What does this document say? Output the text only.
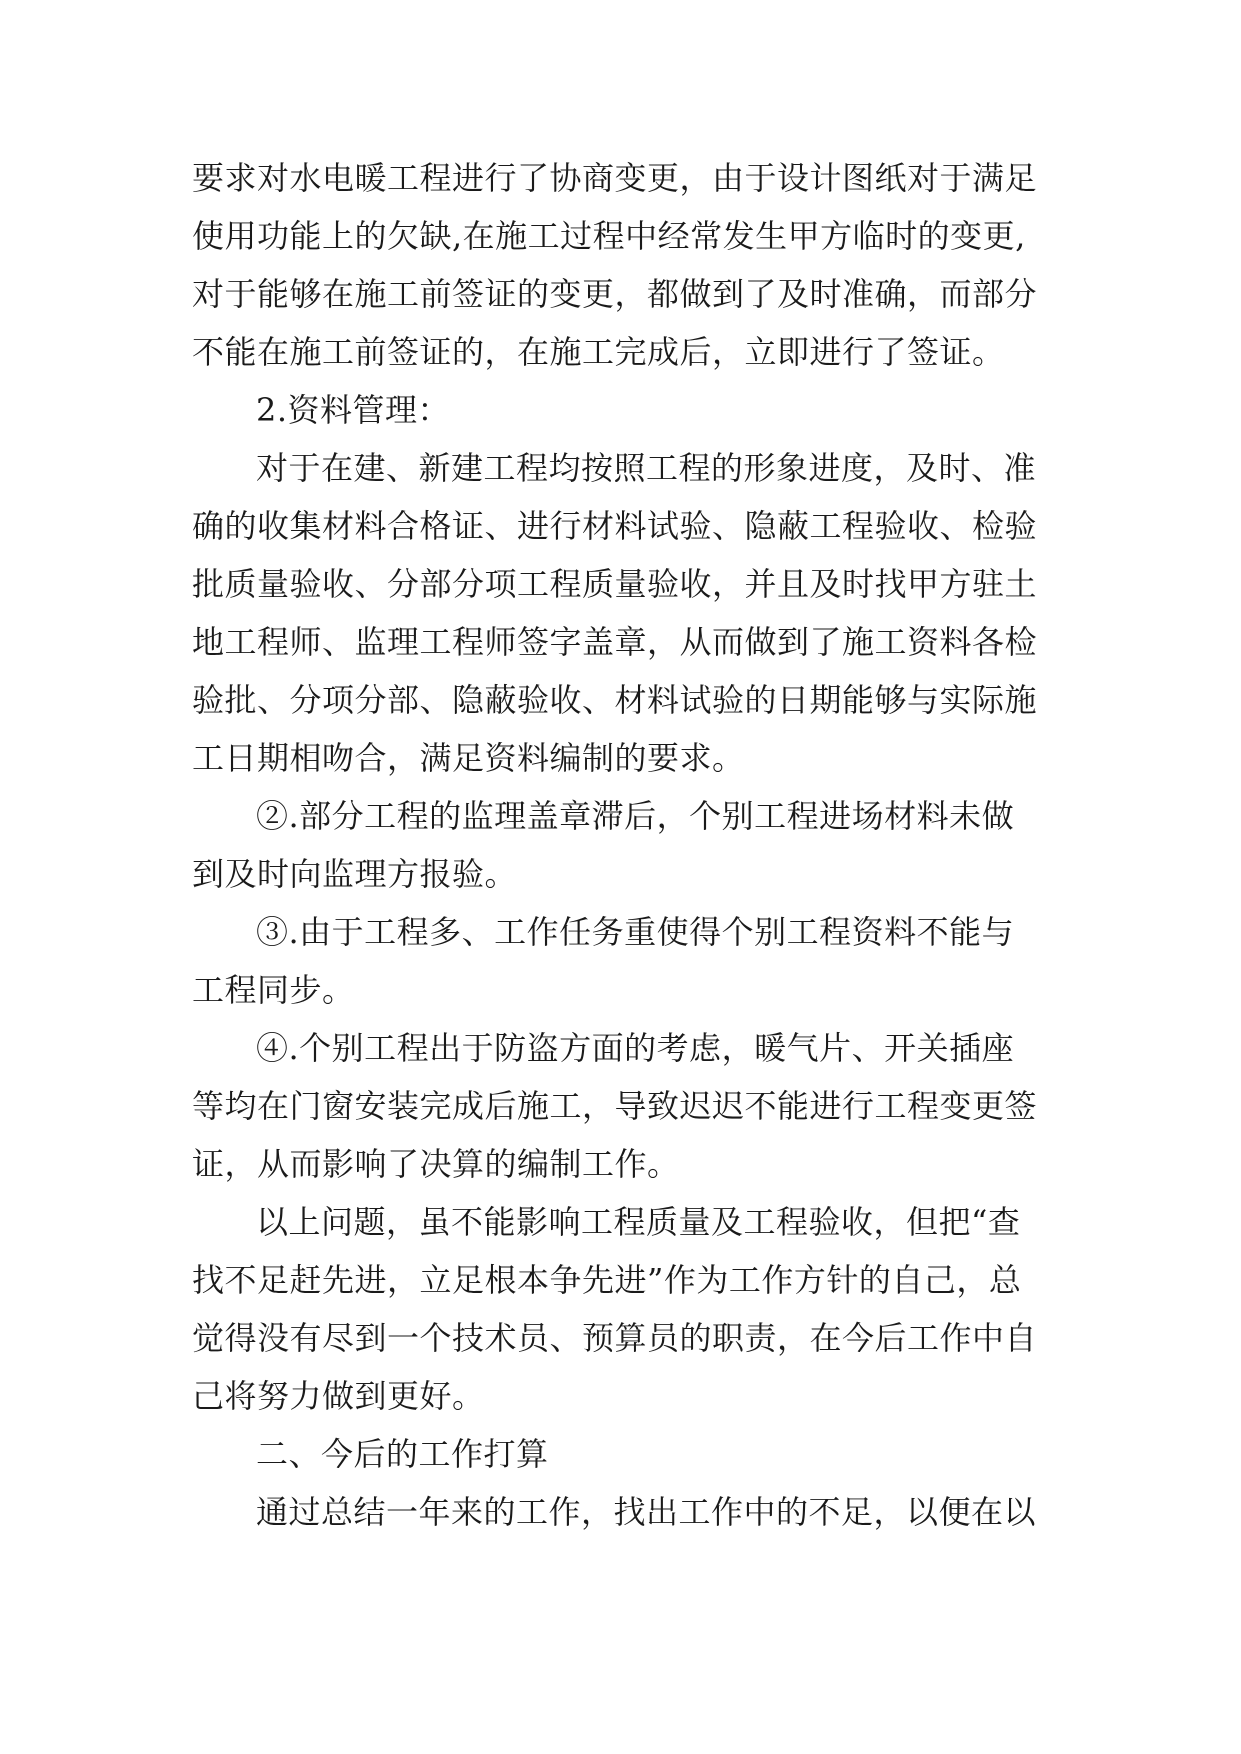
要求对水电暖工程进行了协商变更，由于设计图纸对于满足
使用功能上的欠缺,在施工过程中经常发生甲方临时的变更,
对于能够在施工前签证的变更，都做到了及时准确，而部分
不能在施工前签证的，在施工完成后，立即进行了签证。
2.资料管理：
对于在建、新建工程均按照工程的形象进度，及时、准
确的收集材料合格证、进行材料试验、隐蔽工程验收、检验
批质量验收、分部分项工程质量验收，并且及时找甲方驻土
地工程师、监理工程师签字盖章，从而做到了施工资料各检
验批、分项分部、隐蔽验收、材料试验的日期能够与实际施
工日期相吻合，满足资料编制的要求。
②.部分工程的监理盖章滞后，个别工程进场材料未做
到及时向监理方报验。
③.由于工程多、工作任务重使得个别工程资料不能与
工程同步。
④.个别工程出于防盗方面的考虑，暖气片、开关插座
等均在门窗安装完成后施工，导致迟迟不能进行工程变更签
证，从而影响了决算的编制工作。
以上问题，虽不能影响工程质量及工程验收，但把“查
找不足赶先进，立足根本争先进”作为工作方针的自己，总
觉得没有尽到一个技术员、预算员的职责，在今后工作中自
己将努力做到更好。
二、今后的工作打算
通过总结一年来的工作，找出工作中的不足，以便在以
